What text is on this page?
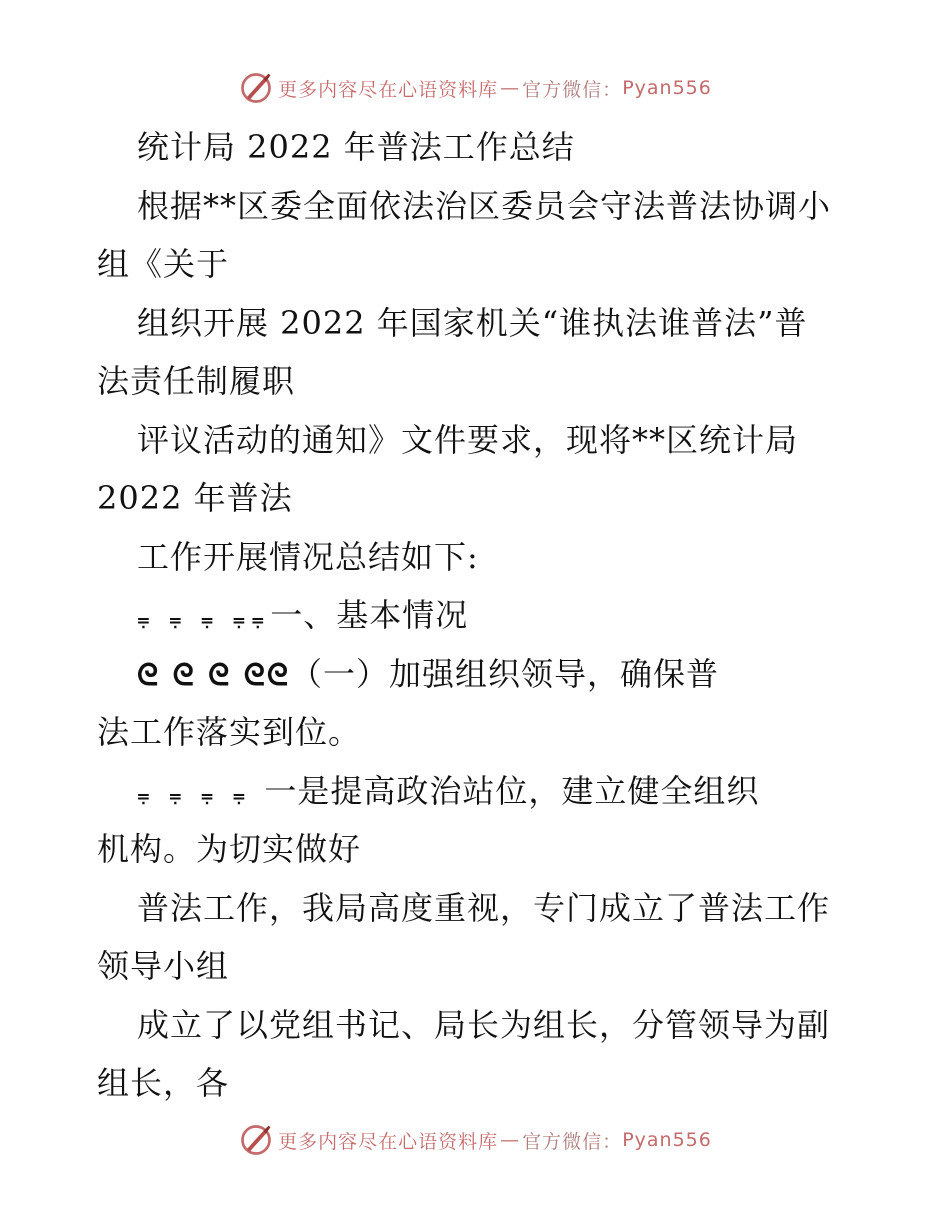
更多内容尽在心语资料库 — 官方微信： Pyan556
统计局 2022 年普法工作总结
根据**区委全面依法治区委员会守法普法协调小
组《关于
组织开展 2022 年国家机关“谁执法谁普法”普
法责任制履职
评议活动的通知》文件要求，现将**区统计局
2022 年普法
工作开展情况总结如下:
⩦ ⩦ ⩦ ⩦⩦一、基本情况
ᘓ ᘓ ᘓ ᘓᘓ（一）加强组织领导，确保普
法工作落实到位。
⩦ ⩦ ⩦ ⩦ 一是提高政治站位，建立健全组织
机构。为切实做好
普法工作，我局高度重视，专门成立了普法工作
领导小组
成立了以党组书记、局长为组长，分管领导为副
组长，各
更多内容尽在心语资料库 — 官方微信： Pyan556
